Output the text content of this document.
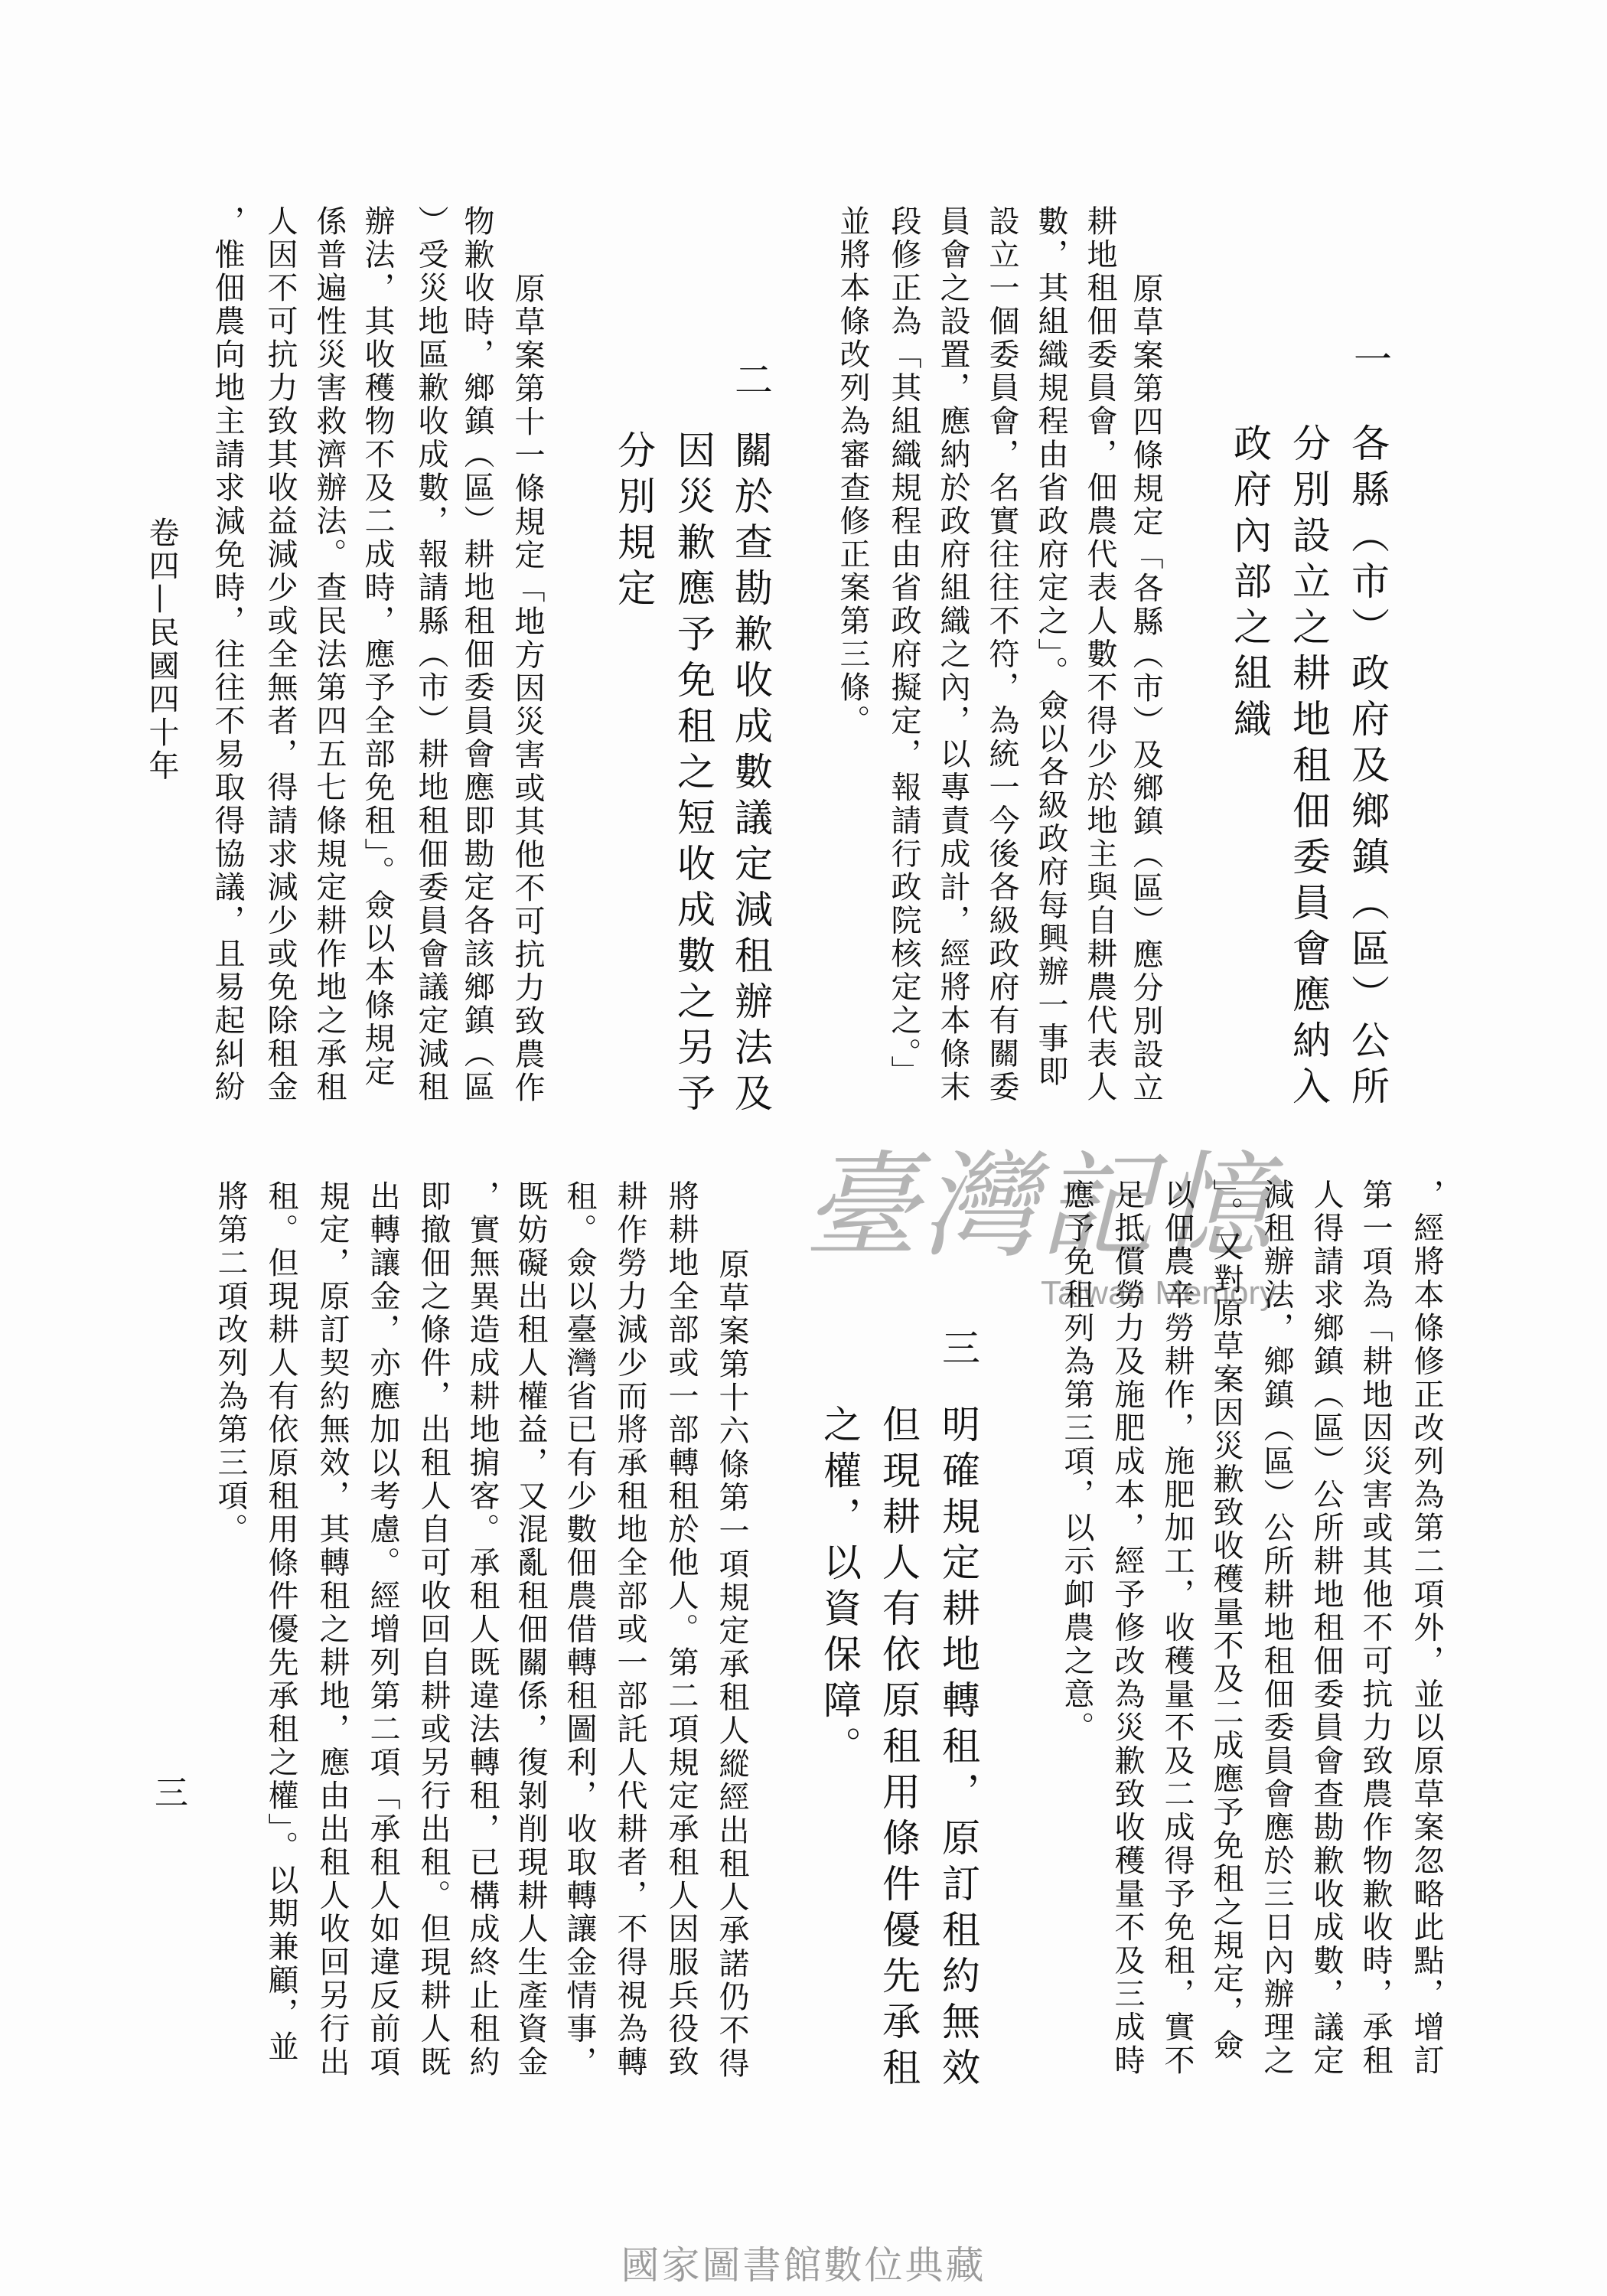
臺灣記憶
Taiwan Memory
卷四—民國四十年
三
國家圖書館數位典藏
一
各縣（市）政府及鄉鎮（區）公所
分別設立之耕地租佃委員會應納入
政府內部之組織
原草案第四條規定「各縣（市）及鄉鎮（區）應分別設立
耕地租佃委員會，佃農代表人數不得少於地主與自耕農代表人
數，其組織規程由省政府定之」。僉以各級政府每興辦一事即
設立一個委員會，名實往往不符，為統一今後各級政府有關委
員會之設置，應納於政府組織之內，以專責成計，經將本條末
段修正為「其組織規程由省政府擬定，報請行政院核定之。」
並將本條改列為審查修正案第三條。
二
關於查勘歉收成數議定減租辦法及
因災歉應予免租之短收成數之另予
分別規定
原草案第十一條規定「地方因災害或其他不可抗力致農作
物歉收時，鄉鎮（區）耕地租佃委員會應即勘定各該鄉鎮（區
）受災地區歉收成數，報請縣（市）耕地租佃委員會議定減租
辦法，其收穫物不及二成時，應予全部免租」。僉以本條規定
係普遍性災害救濟辦法。查民法第四五七條規定耕作地之承租
人因不可抗力致其收益減少或全無者，得請求減少或免除租金
，惟佃農向地主請求減免時，往往不易取得協議，且易起糾紛
，經將本條修正改列為第二項外，並以原草案忽略此點，增訂
第一項為「耕地因災害或其他不可抗力致農作物歉收時，承租
人得請求鄉鎮（區）公所耕地租佃委員會查勘歉收成數，議定
減租辦法，鄉鎮（區）公所耕地租佃委員會應於三日內辦理之
」。又對原草案因災歉致收穫量不及二成應予免租之規定，僉
以佃農辛勞耕作，施肥加工，收穫量不及二成得予免租，實不
足抵償勞力及施肥成本，經予修改為災歉致收穫量不及三成時
應予免租列為第三項，以示卹農之意。
三
明確規定耕地轉租，原訂租約無效
但現耕人有依原租用條件優先承租
之權，以資保障。
原草案第十六條第一項規定承租人縱經出租人承諾仍不得
將耕地全部或一部轉租於他人。第二項規定承租人因服兵役致
耕作勞力減少而將承租地全部或一部託人代耕者，不得視為轉
租。僉以臺灣省已有少數佃農借轉租圖利，收取轉讓金情事，
既妨礙出租人權益，又混亂租佃關係，復剝削現耕人生產資金
，實無異造成耕地掮客。承租人既違法轉租，已構成終止租約
即撤佃之條件，出租人自可收回自耕或另行出租。但現耕人既
出轉讓金，亦應加以考慮。經增列第二項「承租人如違反前項
規定，原訂契約無效，其轉租之耕地，應由出租人收回另行出
租。但現耕人有依原租用條件優先承租之權」。以期兼顧，並
將第二項改列為第三項。
